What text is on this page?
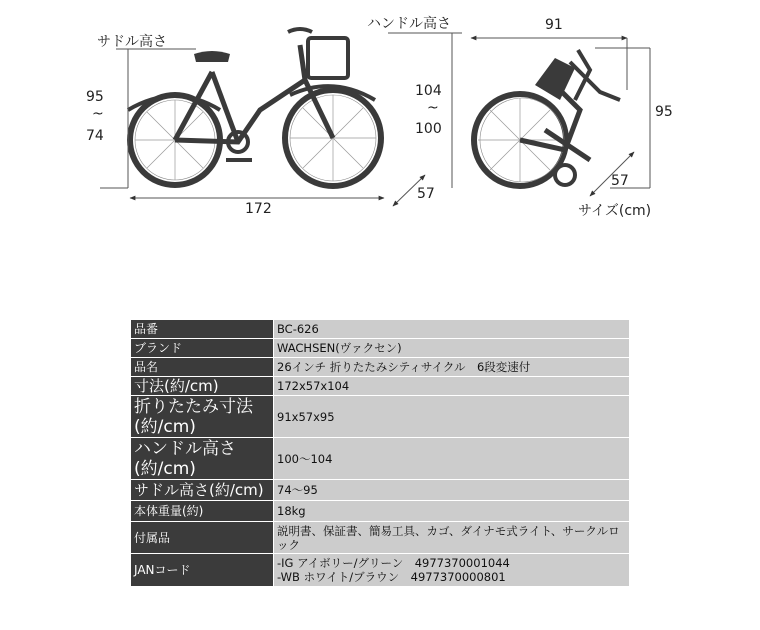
サドル高さ
ハンドル高さ
95
~
74
104
~
100
172
57
91
95
57
サイズ(cm)
品番	BC-626

ブランド	WACHSEN(ヴァクセン)

品名	26インチ 折りたたみシティサイクル　6段変速付

寸法(約/cm)	172x57x104

折りたたみ寸法(約/cm)	91x57x95

ハンドル高さ(約/cm)	100～104

サドル高さ(約/cm)	74～95

本体重量(約)	18kg

付属品	説明書、保証書、簡易工具、カゴ、ダイナモ式ライト、サークルロック

JANコード	-IG アイボリー/グリーン　4977370001044
-WB ホワイト/ブラウン　4977370000801
